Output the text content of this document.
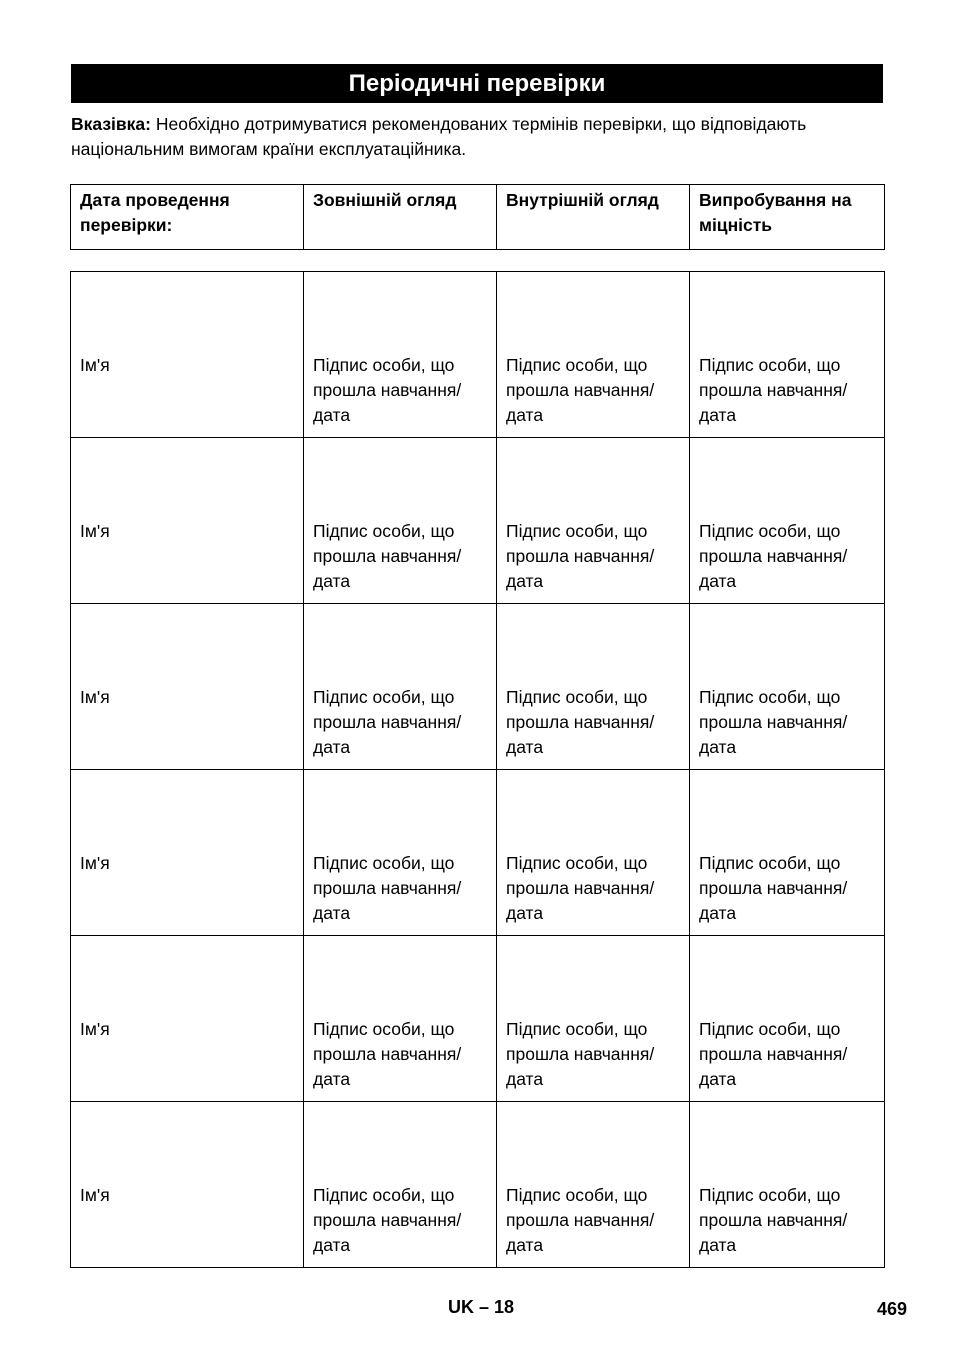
Періодичні перевірки
Вказівка: Необхідно дотримуватися рекомендованих термінів перевірки, що відповідають національним вимогам країни експлуатаційника.
Дата проведення перевірки:	Зовнішній огляд	Внутрішній огляд	Випробування на міцність
Ім'я	Підпис особи, що прошла навчання/ дата	Підпис особи, що прошла навчання/ дата	Підпис особи, що прошла навчання/ дата
Ім'я	Підпис особи, що прошла навчання/ дата	Підпис особи, що прошла навчання/ дата	Підпис особи, що прошла навчання/ дата
Ім'я	Підпис особи, що прошла навчання/ дата	Підпис особи, що прошла навчання/ дата	Підпис особи, що прошла навчання/ дата
Ім'я	Підпис особи, що прошла навчання/ дата	Підпис особи, що прошла навчання/ дата	Підпис особи, що прошла навчання/ дата
Ім'я	Підпис особи, що прошла навчання/ дата	Підпис особи, що прошла навчання/ дата	Підпис особи, що прошла навчання/ дата
Ім'я	Підпис особи, що прошла навчання/ дата	Підпис особи, що прошла навчання/ дата	Підпис особи, що прошла навчання/ дата
UK – 18	469
